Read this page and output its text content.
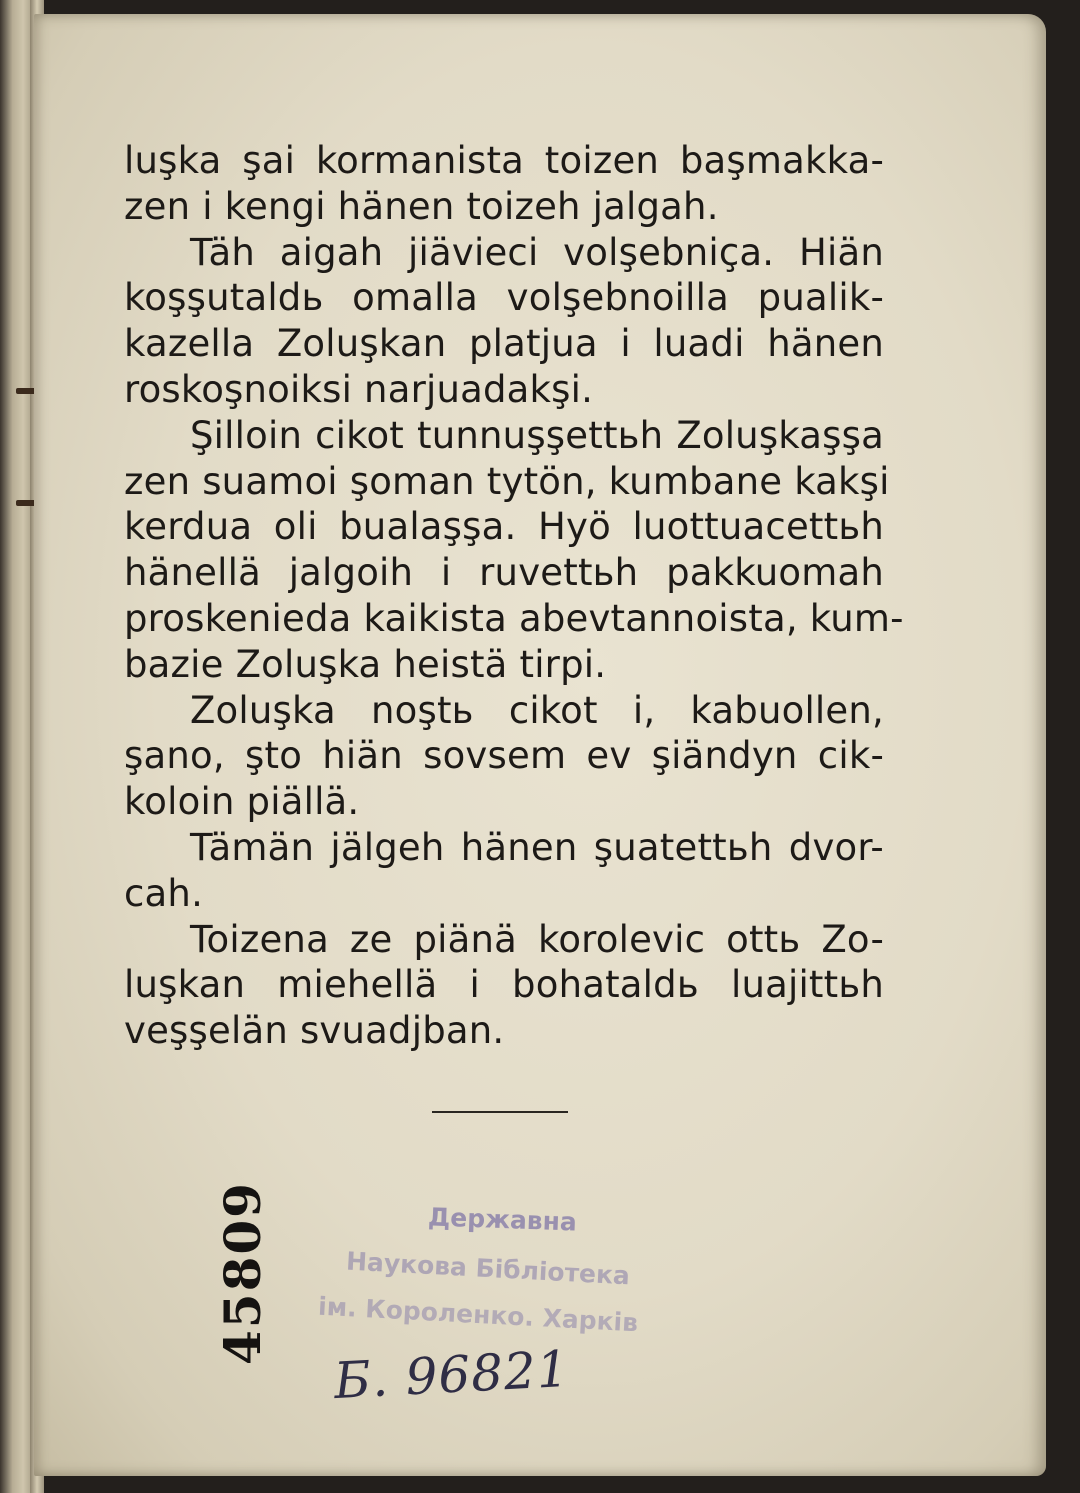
luşka şai kormanista toizen başmakka-
zen i kengi hänen toizeh jalgah.
Täh aigah jiävieci volşebniça. Hiän
koşşutaldь omalla volşebnoilla pualik-
kazella Zoluşkan platjua i luadi hänen
roskoşnoiksi narjuadakşi.
Şilloin cikot tunnuşşettьh Zoluşkaşşa
zen suamoi şoman tytön, kumbane kakşi
kerdua oli bualaşşa. Hyö luottuacettьh
hänellä jalgoih i ruvettьh pakkuomah
proskenieda kaikista abevtannoista, kum-
bazie Zoluşka heistä tirpi.
Zoluşka noştь cikot i, kabuollen,
şano, şto hiän sovsem ev şiändyn cik-
koloin piällä.
Tämän jälgeh hänen şuatettьh dvor-
cah.
Toizena ze piänä korolevic ottь Zo-
luşkan miehellä i bohataldь luajittьh
veşşelän svuadjban.
45809	Державна
Наукова Бібліотека
ім. Короленко. Харків
Б. 96821
